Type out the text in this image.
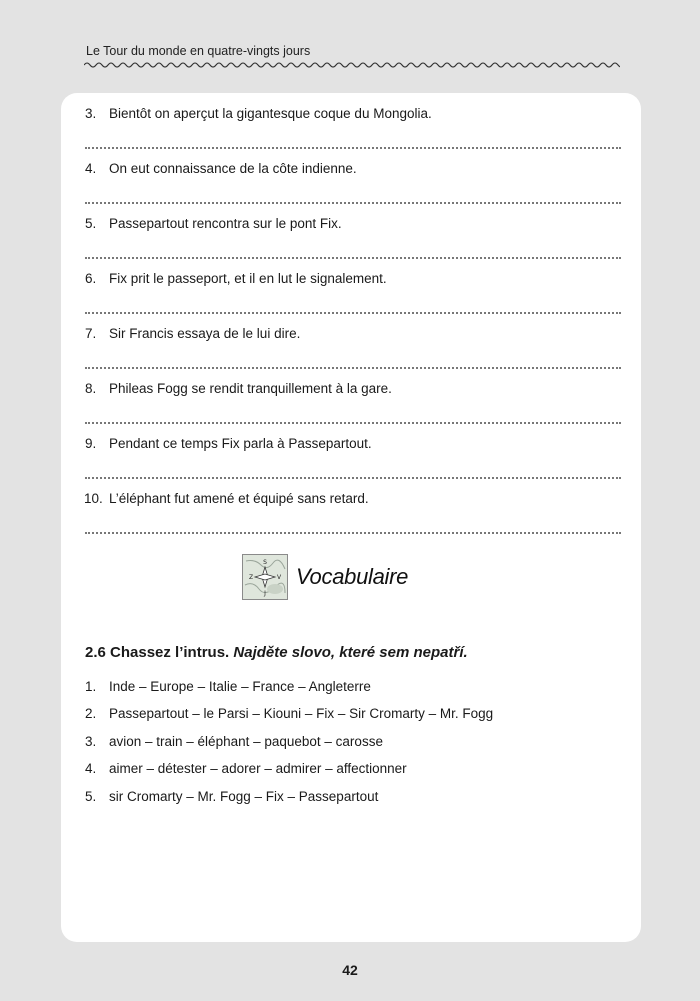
Le Tour du monde en quatre-vingts jours
3. Bientôt on aperçut la gigantesque coque du Mongolia.
4. On eut connaissance de la côte indienne.
5. Passepartout rencontra sur le pont Fix.
6. Fix prit le passeport, et il en lut le signalement.
7. Sir Francis essaya de le lui dire.
8. Phileas Fogg se rendit tranquillement à la gare.
9. Pendant ce temps Fix parla à Passepartout.
10. L’éléphant fut amené et équipé sans retard.
S
Z	V
J
Vocabulaire
2.6 Chassez l’intrus. Najděte slovo, které sem nepatří.
1. Inde – Europe – Italie – France – Angleterre
2. Passepartout – le Parsi – Kiouni – Fix – Sir Cromarty – Mr. Fogg
3. avion – train – éléphant – paquebot – carosse
4. aimer – détester – adorer – admirer – affectionner
5. sir Cromarty – Mr. Fogg – Fix – Passepartout
42
